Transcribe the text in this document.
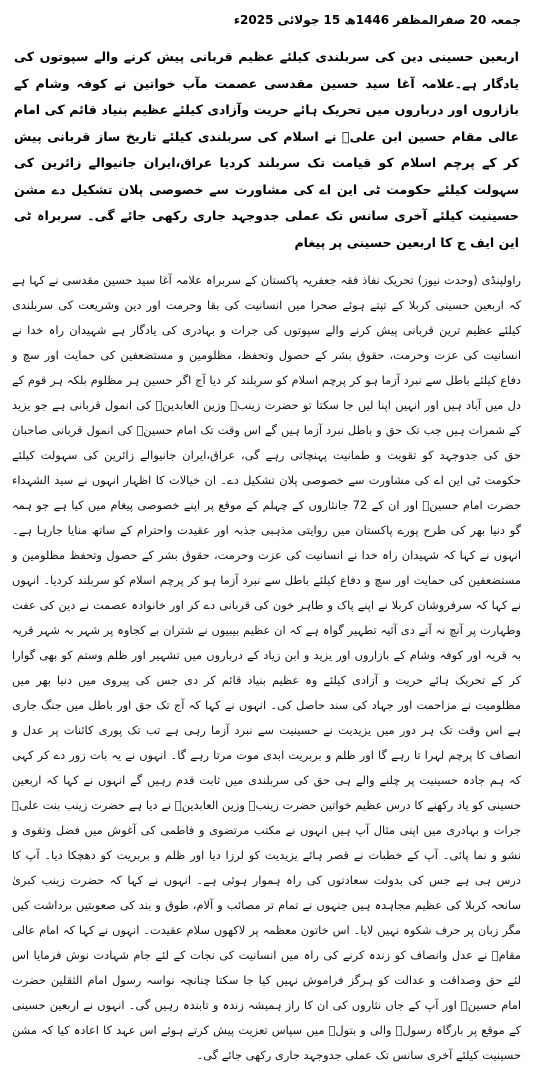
جمعہ 20 صفرالمظفر 1446ھ 15 جولائی 2025ء
اربعین حسینی دین کی سربلندی کیلئے عظیم قربانی پیش کرنے والے سپوتوں کی یادگار ہے۔علامہ آغا سید حسین مقدسی عصمت مآب خواتین نے کوفہ وشام کے بازاروں اور درباروں میں تحریک ہائے حریت وآزادی کیلئے عظیم بنیاد قائم کی امام عالی مقام حسین ابن علیؑ نے اسلام کی سربلندی کیلئے تاریخ ساز قربانی پیش کر کے پرچم اسلام کو قیامت تک سربلند کردیا عراق،ایران جانیوالے زائرین کی سہولت کیلئے حکومت ٹی این اے کی مشاورت سے خصوصی پلان تشکیل دے مشن حسینیت کیلئے آخری سانس تک عملی جدوجہد جاری رکھی جائے گی۔ سربراہ ٹی این ایف ج کا اربعین حسینی پر پیغام
راولپنڈی (وحدت نیوز) تحریک نفاذ فقہ جعفریہ پاکستان کے سربراہ علامہ آغا سید حسین مقدسی نے کہا ہے کہ اربعین حسینی کربلا کے تپتے ہوئے صحرا میں انسانیت کی بقا وحرمت اور دین وشریعت کی سربلندی کیلئے عظیم ترین قربانی پیش کرنے والے سپوتوں کی جرات و بہادری کی یادگار ہے شہیدان راہ خدا نے انسانیت کی عزت وحرمت، حقوق بشر کے حصول وتحفظ، مظلومین و مستضعفین کی حمایت اور سچ و دفاع کیلئے باطل سے نبرد آزما ہو کر پرچم اسلام کو سربلند کر دیا آج اگر حسین ہر مظلوم بلکہ ہر قوم کے دل میں آباد ہیں اور انہیں اپنا لیں جا سکتا تو حضرت زینبؑ وزین العابدینؑ کی انمول قربانی ہے جو یزید کے شمرات ہیں جب تک حق و باطل نبرد آزما ہیں گے اس وقت تک امام حسینؑ کی انمول قربانی صاحبان حق کی جدوجہد کو تقویت و طمانیت پہنچاتی رہے گی، عراق،ایران جانیوالے زائرین کی سہولت کیلئے حکومت ٹی این اے کی مشاورت سے خصوصی پلان تشکیل دے۔ ان خیالات کا اظہار انہوں نے سید الشہداء حضرت امام حسینؑ اور ان کے 72 جانثاروں کے چہلم کے موقع پر اپنے خصوصی پیغام میں کیا ہے جو ہمہ گو دنیا بھر کی طرح پورے پاکستان میں روایتی مذہبی جذبہ اور عقیدت واحترام کے ساتھ منایا جارہا ہے۔ انہوں نے کہا کہ شہیدان راہ خدا نے انسانیت کی عزت وحرمت، حقوق بشر کے حصول وتحفظ مظلومین و مستضعفین کی حمایت اور سچ و دفاع کیلئے باطل سے نبرد آزما ہو کر پرچم اسلام کو سربلند کردیا۔ انہوں نے کہا کہ سرفروشان کربلا نے اپنے پاک و طاہر خون کی قربانی دے کر اور خانوادہ عصمت نے دین کی عفت وطہارت پر آنچ نہ آنے دی آئیہ تطہیر گواہ ہے کہ ان عظیم بیبیوں نے شتران بے کجاوہ پر شہر بہ شہر قریہ بہ قریہ اور کوفہ وشام کے بازاروں اور یزید و ابن زیاد کے درباروں میں تشہیر اور ظلم وستم کو بھی گوارا کر کے تحریک ہائے حریت و آزادی کیلئے وہ عظیم بنیاد قائم کر دی جس کی پیروی میں دنیا بھر میں مظلومیت نے مزاحمت اور جہاد کی سند حاصل کی۔ انہوں نے کہا کہ آج تک حق اور باطل میں جنگ جاری ہے اس وقت تک ہر دور میں یزیدیت نے حسینیت سے نبرد آزما رہی ہے تب تک پوری کائنات پر عدل و انصاف کا پرچم لہرا تا رہے گا اور ظلم و بربریت ابدی موت مرتا رہے گا۔ انہوں نے یہ بات زور دے کر کہی کہ ہم جادہ حسینیت پر چلنے والے ہی حق کی سربلندی میں ثابت قدم رہیں گے انہوں نے کہا کہ اربعین حسینی کو یاد رکھنے کا درس عظیم خواتین حضرت زینبؑ وزین العابدینؑ نے دیا ہے حضرت زینب بنت علیؑ جرات و بہادری میں اپنی مثال آپ ہیں انہوں نے مکتب مرتضوی و فاطمی کی آغوش میں فضل وتقوی و نشو و نما پائی۔ آپ کے خطبات نے قصر ہائے یزیدیت کو لرزا دیا اور ظلم و بربریت کو دھچکا دیا۔ آپ کا درس ہی ہے جس کی بدولت سعادتوں کی راہ ہموار ہوئی ہے۔ انہوں نے کہا کہ حضرت زینب کبریٰ سانحہ کربلا کی عظیم مجاہدہ ہیں جنہوں نے تمام تر مصائب و آلام، طوق و بند کی صعوبتیں برداشت کیں مگر زبان پر حرف شکوہ نہیں لایا۔ اس خاتون معظمہ پر لاکھوں سلام عقیدت۔ انہوں نے کہا کہ امام عالی مقامؑ نے عدل وانصاف کو زندہ کرنے کی راہ میں انسانیت کی نجات کے لئے جام شہادت نوش فرمایا اس لئے حق وصداقت و عدالت کو ہرگز فراموش نہیں کیا جا سکتا چنانچہ نواسہ رسول امام الثقلین حضرت امام حسینؑ اور آپ کے جاں نثاروں کی ان کا راز ہمیشہ زندہ و تابندہ رہیں گی۔ انہوں نے اربعین حسینی کے موقع پر بارگاہ رسولؐ والی و بتولؑ میں سپاس تعزیت پیش کرتے ہوئے اس عہد کا اعادہ کیا کہ مشن حسینیت کیلئے آخری سانس تک عملی جدوجہد جاری رکھی جائے گی۔
